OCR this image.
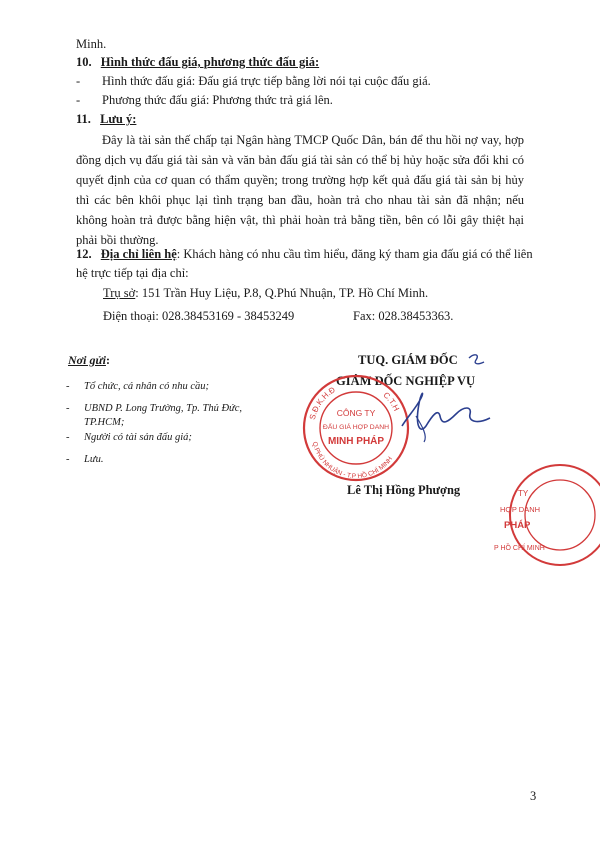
Minh.
10. Hình thức đấu giá, phương thức đấu giá:
- Hình thức đấu giá: Đấu giá trực tiếp bằng lời nói tại cuộc đấu giá.
- Phương thức đấu giá: Phương thức trả giá lên.
11. Lưu ý:
Đây là tài sản thế chấp tại Ngân hàng TMCP Quốc Dân, bán để thu hồi nợ vay, hợp đồng dịch vụ đấu giá tài sản và văn bản đấu giá tài sản có thể bị hủy hoặc sửa đổi khi có quyết định của cơ quan có thẩm quyền; trong trường hợp kết quả đấu giá tài sản bị hủy thì các bên khôi phục lại tình trạng ban đầu, hoàn trả cho nhau tài sản đã nhận; nếu không hoàn trả được bằng hiện vật, thì phải hoàn trả bằng tiền, bên có lỗi gây thiệt hại phải bồi thường.
12. Địa chỉ liên hệ: Khách hàng có nhu cầu tìm hiểu, đăng ký tham gia đấu giá có thể liên
hệ trực tiếp tại địa chỉ:
Trụ sở: 151 Trần Huy Liệu, P.8, Q.Phú Nhuận, TP. Hồ Chí Minh.
Điện thoại: 028.38453169 - 38453249	Fax: 028.38453363.
Nơi gửi:
- Tổ chức, cá nhân có nhu cầu;
- UBND P. Long Trường, Tp. Thủ Đức,
TP.HCM;
- Người có tài sản đấu giá;
- Lưu.
TUQ. GIÁM ĐỐC
GIÁM ĐỐC NGHIỆP VỤ
S.Đ.K.H.Đ	C.T.H
Q.PHÚ NHUẬN - T.P HỒ CHÍ MINH
CÔNG TY
ĐẤU GIÁ HỢP DANH
MINH PHÁP
Lê Thị Hồng Phượng	TY
HỢP DANH
PHÁP
P HỒ CHÍ MINH
3
